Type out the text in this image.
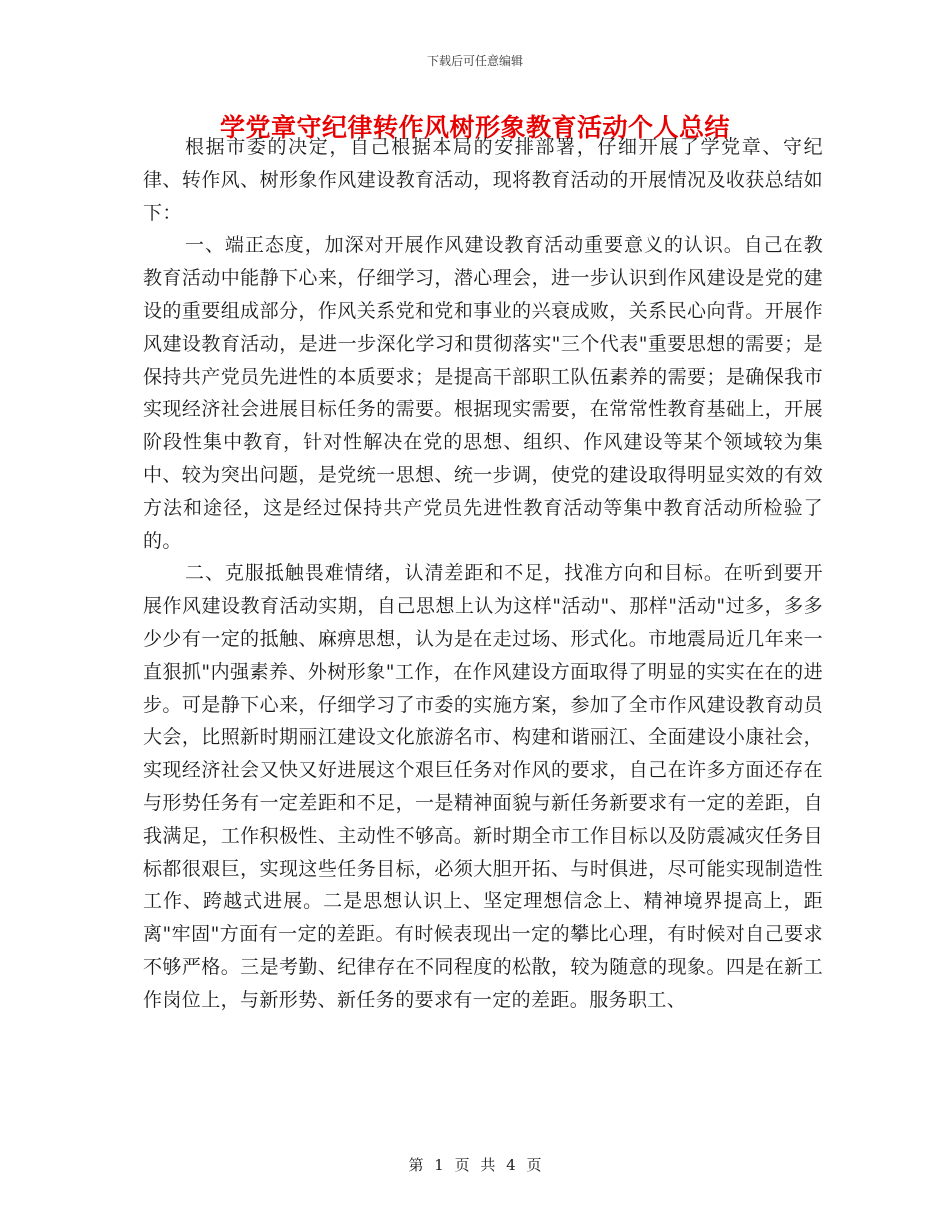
下载后可任意编辑
学党章守纪律转作风树形象教育活动个人总结

根据市委的决定，自己根据本局的安排部署，仔细开展了学党章、守纪律、转作风、树形象作风建设教育活动，现将教育活动的开展情况及收获总结如下：

一、端正态度，加深对开展作风建设教育活动重要意义的认识。自己在教教育活动中能静下心来，仔细学习，潜心理会，进一步认识到作风建设是党的建设的重要组成部分，作风关系党和党和事业的兴衰成败，关系民心向背。开展作风建设教育活动，是进一步深化学习和贯彻落实"三个代表"重要思想的需要；是保持共产党员先进性的本质要求；是提高干部职工队伍素养的需要；是确保我市实现经济社会进展目标任务的需要。根据现实需要，在常常性教育基础上，开展阶段性集中教育，针对性解决在党的思想、组织、作风建设等某个领域较为集中、较为突出问题，是党统一思想、统一步调，使党的建设取得明显实效的有效方法和途径，这是经过保持共产党员先进性教育活动等集中教育活动所检验了的。

二、克服抵触畏难情绪，认清差距和不足，找准方向和目标。在听到要开展作风建设教育活动实期，自己思想上认为这样"活动"、那样"活动"过多，多多少少有一定的抵触、麻痹思想，认为是在走过场、形式化。市地震局近几年来一直狠抓"内强素养、外树形象"工作，在作风建设方面取得了明显的实实在在的进步。可是静下心来，仔细学习了市委的实施方案，参加了全市作风建设教育动员大会，比照新时期丽江建设文化旅游名市、构建和谐丽江、全面建设小康社会，实现经济社会又快又好进展这个艰巨任务对作风的要求，自己在许多方面还存在与形势任务有一定差距和不足，一是精神面貌与新任务新要求有一定的差距，自我满足，工作积极性、主动性不够高。新时期全市工作目标以及防震减灾任务目标都很艰巨，实现这些任务目标，必须大胆开拓、与时俱进，尽可能实现制造性工作、跨越式进展。二是思想认识上、坚定理想信念上、精神境界提高上，距离"牢固"方面有一定的差距。有时候表现出一定的攀比心理，有时候对自己要求不够严格。三是考勤、纪律存在不同程度的松散，较为随意的现象。四是在新工作岗位上，与新形势、新任务的要求有一定的差距。服务职工、

第 1 页 共 4 页
